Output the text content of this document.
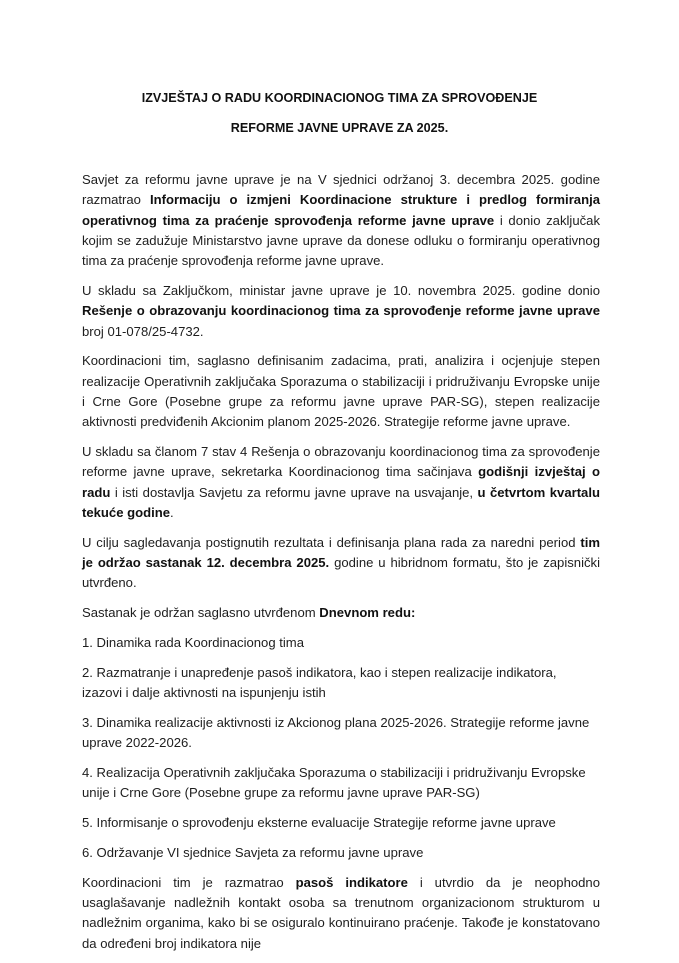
IZVJEŠTAJ O RADU KOORDINACIONOG TIMA ZA SPROVOĐENJE
REFORME JAVNE UPRAVE ZA 2025.

Savjet za reformu javne uprave je na V sjednici održanoj 3. decembra 2025. godine razmatrao Informaciju o izmjeni Koordinacione strukture i predlog formiranja operativnog tima za praćenje sprovođenja reforme javne uprave i donio zaključak kojim se zadužuje Ministarstvo javne uprave da donese odluku o formiranju operativnog tima za praćenje sprovođenja reforme javne uprave.

U skladu sa Zaključkom, ministar javne uprave je 10. novembra 2025. godine donio Rešenje o obrazovanju koordinacionog tima za sprovođenje reforme javne uprave broj 01-078/25-4732.

Koordinacioni tim, saglasno definisanim zadacima, prati, analizira i ocjenjuje stepen realizacije Operativnih zaključaka Sporazuma o stabilizaciji i pridruživanju Evropske unije i Crne Gore (Posebne grupe za reformu javne uprave PAR-SG), stepen realizacije aktivnosti predviđenih Akcionim planom 2025-2026. Strategije reforme javne uprave.

U skladu sa članom 7 stav 4 Rešenja o obrazovanju koordinacionog tima za sprovođenje reforme javne uprave, sekretarka Koordinacionog tima sačinjava godišnji izvještaj o radu i isti dostavlja Savjetu za reformu javne uprave na usvajanje, u četvrtom kvartalu tekuće godine.

U cilju sagledavanja postignutih rezultata i definisanja plana rada za naredni period tim je održao sastanak 12. decembra 2025. godine u hibridnom formatu, što je zapisnički utvrđeno.

Sastanak je održan saglasno utvrđenom Dnevnom redu:

1. Dinamika rada Koordinacionog tima

2. Razmatranje i unapređenje pasoš indikatora, kao i stepen realizacije indikatora, izazovi i dalje aktivnosti na ispunjenju istih

3. Dinamika realizacije aktivnosti iz Akcionog plana 2025-2026. Strategije reforme javne uprave 2022-2026.

4. Realizacija Operativnih zaključaka Sporazuma o stabilizaciji i pridruživanju Evropske unije i Crne Gore (Posebne grupe za reformu javne uprave PAR-SG)

5. Informisanje o sprovođenju eksterne evaluacije Strategije reforme javne uprave

6. Održavanje VI sjednice Savjeta za reformu javne uprave

Koordinacioni tim je razmatrao pasoš indikatore i utvrdio da je neophodno usaglašavanje nadležnih kontakt osoba sa trenutnom organizacionom strukturom u nadležnim organima, kako bi se osiguralo kontinuirano praćenje. Takođe je konstatovano da određeni broj indikatora nije
